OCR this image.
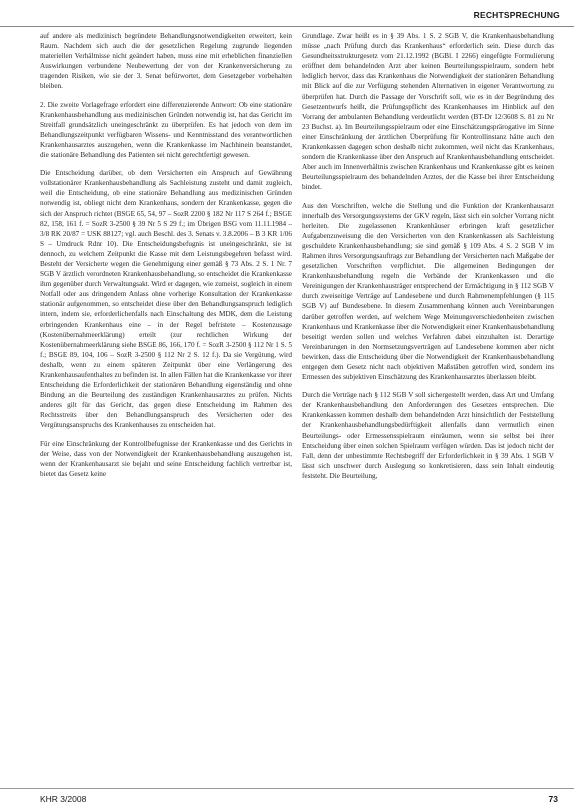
RECHTSPRECHUNG

auf andere als medizinisch begründete Behandlungsnotwendigkeiten erweitert, kein Raum. Nachdem sich auch die der gesetzlichen Regelung zugrunde liegenden materiellen Verhältnisse nicht geändert haben, muss eine mit erheblichen finanziellen Auswirkungen verbundene Neubewertung der von der Krankenversicherung zu tragenden Risiken, wie sie der 3. Senat befürwortet, dem Gesetzgeber vorbehalten bleiben.

2. Die zweite Vorlagefrage erfordert eine differenzierende Antwort: Ob eine stationäre Krankenhausbehandlung aus medizinischen Gründen notwendig ist, hat das Gericht im Streitfall grundsätzlich uneingeschränkt zu überprüfen. Es hat jedoch von dem im Behandlungszeitpunkt verfügbaren Wissens- und Kenntnisstand des verantwortlichen Krankenhausarztes auszugehen, wenn die Krankenkasse im Nachhinein beanstandet, die stationäre Behandlung des Patienten sei nicht gerechtfertigt gewesen.

Die Entscheidung darüber, ob dem Versicherten ein Anspruch auf Gewährung vollstationärer Krankenhausbehandlung als Sachleistung zusteht und damit zugleich, weil die Entscheidung, ob eine stationäre Behandlung aus medizinischen Gründen notwendig ist, obliegt nicht dem Krankenhaus, sondern der Krankenkasse, gegen die sich der Anspruch richtet (BSGE 65, 54, 97 – SozR 2200 § 182 Nr 117 S 264 f.; BSGE 82, 158, 161 f. = SozR 3-2500 § 39 Nr 5 S 29 f.; im Übrigen BSG vom 11.11.1984 – 3/8 RK 20/87 = USK 88127; vgl. auch Beschl. des 3. Senats v. 3.8.2006 – B 3 KR 1/06 S – Umdruck Rdnr 10). Die Entscheidungsbefugnis ist uneingeschränkt, sie ist dennoch, zu welchem Zeitpunkt die Kasse mit dem Leistungsbegehren befasst wird. Besteht der Versicherte wegen die Genehmigung einer gemäß § 73 Abs. 2 S. 1 Nr. 7 SGB V ärztlich verordneten Krankenhausbehandlung, so entscheidet die Krankenkasse ihm gegenüber durch Verwaltungsakt. Wird er dagegen, wie zumeist, sogleich in einem Notfall oder aus dringendem Anlass ohne vorherige Konsultation der Krankenkasse stationär aufgenommen, so entscheidet diese über den Behandlungsanspruch lediglich intern, indem sie, erforderlichenfalls nach Einschaltung des MDK, dem die Leistung erbringenden Krankenhaus eine – in der Regel befristete – Kostenzusage (Kostenübernahmeerklärung) erteilt (zur rechtlichen Wirkung der Kostenübernahmeerklärung siehe BSGE 86, 166, 170 f. = SozR 3-2500 § 112 Nr 1 S. 5 f.; BSGE 89, 104, 106 – SozR 3-2500 § 112 Nr 2 S. 12 f.). Da sie Vergütung, wird deshalb, wenn zu einem späteren Zeitpunkt über eine Verlängerung des Krankenhausaufenthaltes zu befinden ist. In allen Fällen hat die Krankenkasse vor ihrer Entscheidung die Erforderlichkeit der stationären Behandlung eigenständig und ohne Bindung an die Beurteilung des zuständigen Krankenhausarztes zu prüfen. Nichts anderes gilt für das Gericht, das gegen diese Entscheidung im Rahmen des Rechtsstreits über den Behandlungsanspruch des Versicherten oder des Vergütungsanspruchs des Krankenhauses zu entscheiden hat.

Für eine Einschränkung der Kontrollbefugnisse der Krankenkasse und des Gerichts in der Weise, dass von der Notwendigkeit der Krankenhausbehandlung auszugehen ist, wenn der Krankenhausarzt sie bejaht und seine Entscheidung fachlich vertretbar ist, bietet das Gesetz keine

Grundlage. Zwar heißt es in § 39 Abs. 1 S. 2 SGB V, die Krankenhausbehandlung müsse „nach Prüfung durch das Krankenhaus“ erforderlich sein. Diese durch das Gesundheitsstrukturgesetz vom 21.12.1992 (BGBl. I 2266) eingefügte Formulierung eröffnet dem behandelnden Arzt aber keinen Beurteilungsspielraum, sondern hebt lediglich hervor, dass das Krankenhaus die Notwendigkeit der stationären Behandlung mit Blick auf die zur Verfügung stehenden Alternativen in eigener Verantwortung zu überprüfen hat. Durch die Passage der Vorschrift soll, wie es in der Begründung des Gesetzentwurfs heißt, die Prüfungspflicht des Krankenhauses im Hinblick auf den Vorrang der ambulanten Behandlung verdeutlicht werden (BT-Dr 12/3608 S. 81 zu Nr 23 Buchst. a). Im Beurteilungsspielraum oder eine Einschätzungsprärogative im Sinne einer Einschränkung der ärztlichen Überprüfung für Kontrollinstanz hätte auch den Krankenkassen dagegen schon deshalb nicht zukommen, weil nicht das Krankenhaus, sondern die Krankenkasse über den Anspruch auf Krankenhausbehandlung entscheidet. Aber auch im Innenverhältnis zwischen Krankenhaus und Krankenkasse gibt es keinen Beurteilungsspielraum des behandelnden Arztes, der die Kasse bei ihrer Entscheidung bindet.

Aus den Vorschriften, welche die Stellung und die Funktion der Krankenhausarzt innerhalb des Versorgungssystems der GKV regeln, lässt sich ein solcher Vorrang nicht herleiten. Die zugelassenen Krankenhäuser erbringen kraft gesetzlicher Aufgabenzuweisung die den Versicherten von den Krankenkassen als Sachleistung geschuldete Krankenhausbehandlung; sie sind gemäß § 109 Abs. 4 S. 2 SGB V im Rahmen ihres Versorgungsauftrags zur Behandlung der Versicherten nach Maßgabe der gesetzlichen Vorschriften verpflichtet. Die allgemeinen Bedingungen der Krankenhausbehandlung regeln die Verbände der Krankenkassen und die Vereinigungen der Krankenhausträger entsprechend der Ermächtigung in § 112 SGB V durch zweiseitige Verträge auf Landesebene und durch Rahmenempfehlungen (§ 115 SGB V) auf Bundesebene. In diesem Zusammenhang können auch Vereinbarungen darüber getroffen werden, auf welchem Wege Meinungsverschiedenheiten zwischen Krankenhaus und Krankenkasse über die Notwendigkeit einer Krankenhausbehandlung beseitigt werden sollen und welches Verfahren dabei einzuhalten ist. Derartige Vereinbarungen in den Normsetzungsverträgen auf Landesebene kommen aber nicht bewirken, dass die Entscheidung über die Notwendigkeit der Krankenhausbehandlung entgegen dem Gesetz nicht nach objektiven Maßstäben getroffen wird, sondern ins Ermessen des subjektiven Einschätzung des Krankenhausarztes überlassen bleibt.

Durch die Verträge nach § 112 SGB V soll sichergestellt werden, dass Art und Umfang der Krankenhausbehandlung den Anforderungen des Gesetzes entsprechen. Die Krankenkassen kommen deshalb dem behandelnden Arzt hinsichtlich der Feststellung der Krankenhausbehandlungsbedürftigkeit allenfalls dann vermutlich einen Beurteilungs- oder Ermessensspielraum einräumen, wenn sie selbst bei ihrer Entscheidung über einen solchen Spielraum verfügen würden. Das ist jedoch nicht der Fall, denn der unbestimmte Rechtsbegriff der Erforderlichkeit in § 39 Abs. 1 SGB V lässt sich unschwer durch Auslegung so konkretisieren, dass sein Inhalt eindeutig feststeht. Die Beurteilung,

KHR 3/2008	73
